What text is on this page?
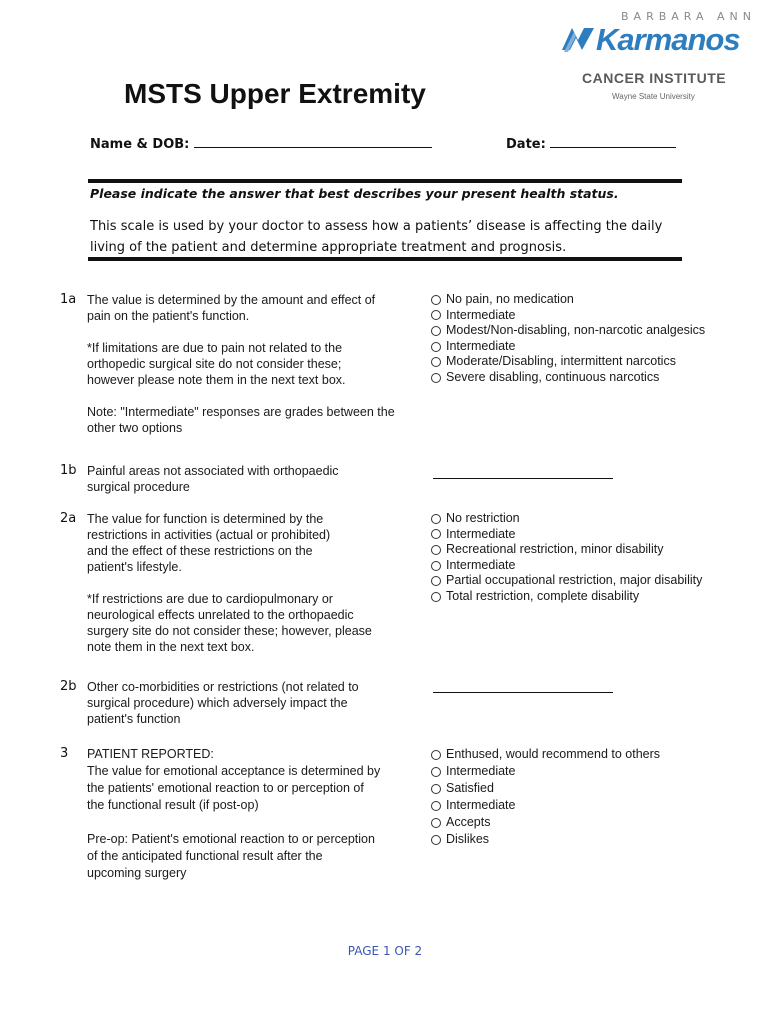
BARBARA ANN
Karmanos
CANCER INSTITUTE
Wayne State University
MSTS Upper Extremity
Name & DOB:	Date:
Please indicate the answer that best describes your present health status.
This scale is used by your doctor to assess how a patients’ disease is affecting the daily living of the patient and determine appropriate treatment and prognosis.
1a The value is determined by the amount and effect of
pain on the patient's function.

*If limitations are due to pain not related to the
orthopedic surgical site do not consider these;
however please note them in the next text box.

Note: "Intermediate" responses are grades between the
other two options
No pain, no medication
Intermediate
Modest/Non-disabling, non-narcotic analgesics
Intermediate
Moderate/Disabling, intermittent narcotics
Severe disabling, continuous narcotics
1b Painful areas not associated with orthopaedic
surgical procedure
2a The value for function is determined by the
restrictions in activities (actual or prohibited)
and the effect of these restrictions on the
patient's lifestyle.

*If restrictions are due to cardiopulmonary or
neurological effects unrelated to the orthopaedic
surgery site do not consider these; however, please
note them in the next text box.
No restriction
Intermediate
Recreational restriction, minor disability
Intermediate
Partial occupational restriction, major disability
Total restriction, complete disability
2b Other co-morbidities or restrictions (not related to
surgical procedure) which adversely impact the
patient's function
3 PATIENT REPORTED:
The value for emotional acceptance is determined by
the patients' emotional reaction to or perception of
the functional result (if post-op)

Pre-op: Patient's emotional reaction to or perception
of the anticipated functional result after the
upcoming surgery
Enthused, would recommend to others
Intermediate
Satisfied
Intermediate
Accepts
Dislikes
PAGE 1 OF 2
